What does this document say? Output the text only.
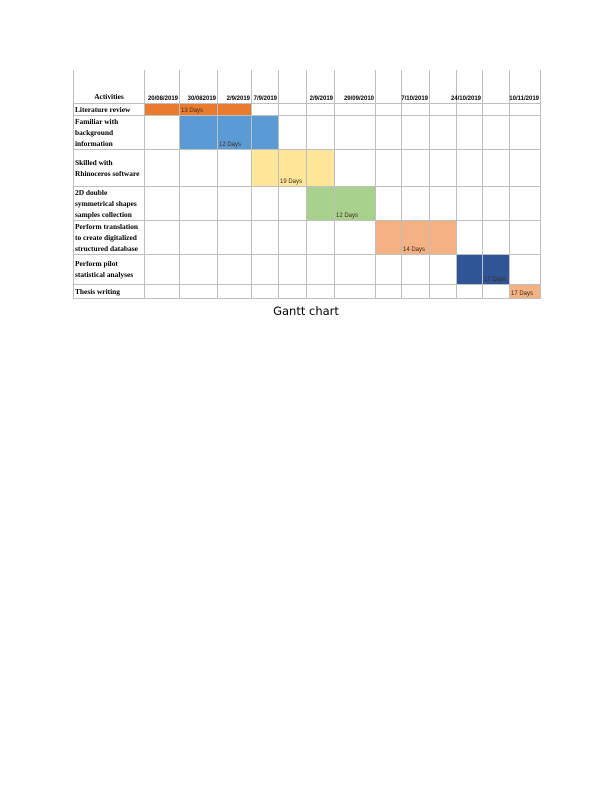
Activities	20/08/2019	30/082019	2/9/2019	7/9/2019		2/9/2019	29/09/2010		7/10/2019		24/10/2019		10/11/2019

Literature review		13 Days											

Familiar with background information			12 Days										

Skilled with Rhinoceros software					19 Days								

2D double symmetrical shapes samples collection							12 Days						

Perform translation to create digitalized structured database									14 Days				

Perform pilot statistical analyses												17 Days	

Thesis writing													17 Days
Gantt chart
